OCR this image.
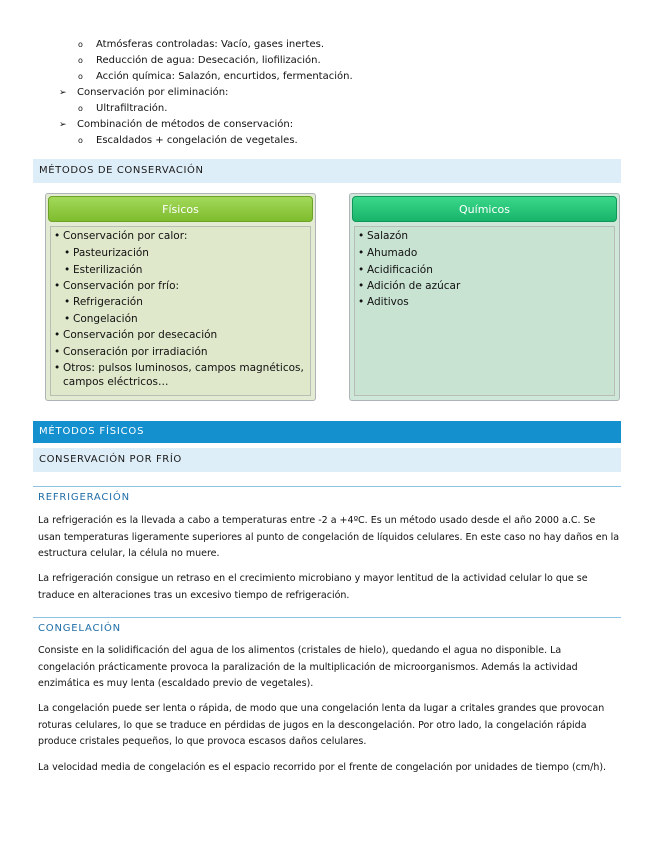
o Atmósferas controladas: Vacío, gases inertes.
o Reducción de agua: Desecación, liofilización.
o Acción química: Salazón, encurtidos, fermentación.
➢ Conservación por eliminación:
o Ultrafiltración.
➢ Combinación de métodos de conservación:
o Escaldados + congelación de vegetales.
MÉTODOS DE CONSERVACIÓN
Físicos
• Conservación por calor:
• Pasteurización
• Esterilización
• Conservación por frío:
• Refrigeración
• Congelación
• Conservación por desecación
• Conseración por irradiación
• Otros: pulsos luminosos, campos magnéticos,
campos eléctricos…
Químicos
• Salazón
• Ahumado
• Acidificación
• Adición de azúcar
• Aditivos
MÉTODOS FÍSICOS
CONSERVACIÓN POR FRÍO
REFRIGERACIÓN

La refrigeración es la llevada a cabo a temperaturas entre -2 a +4ºC. Es un método usado desde el año 2000 a.C. Se usan temperaturas ligeramente superiores al punto de congelación de líquidos celulares. En este caso no hay daños en la estructura celular, la célula no muere.

La refrigeración consigue un retraso en el crecimiento microbiano y mayor lentitud de la actividad celular lo que se traduce en alteraciones tras un excesivo tiempo de refrigeración.

CONGELACIÓN

Consiste en la solidificación del agua de los alimentos (cristales de hielo), quedando el agua no disponible. La congelación prácticamente provoca la paralización de la multiplicación de microorganismos. Además la actividad enzimática es muy lenta (escaldado previo de vegetales).

La congelación puede ser lenta o rápida, de modo que una congelación lenta da lugar a critales grandes que provocan roturas celulares, lo que se traduce en pérdidas de jugos en la descongelación. Por otro lado, la congelación rápida produce cristales pequeños, lo que provoca escasos daños celulares.

La velocidad media de congelación es el espacio recorrido por el frente de congelación por unidades de tiempo (cm/h).
